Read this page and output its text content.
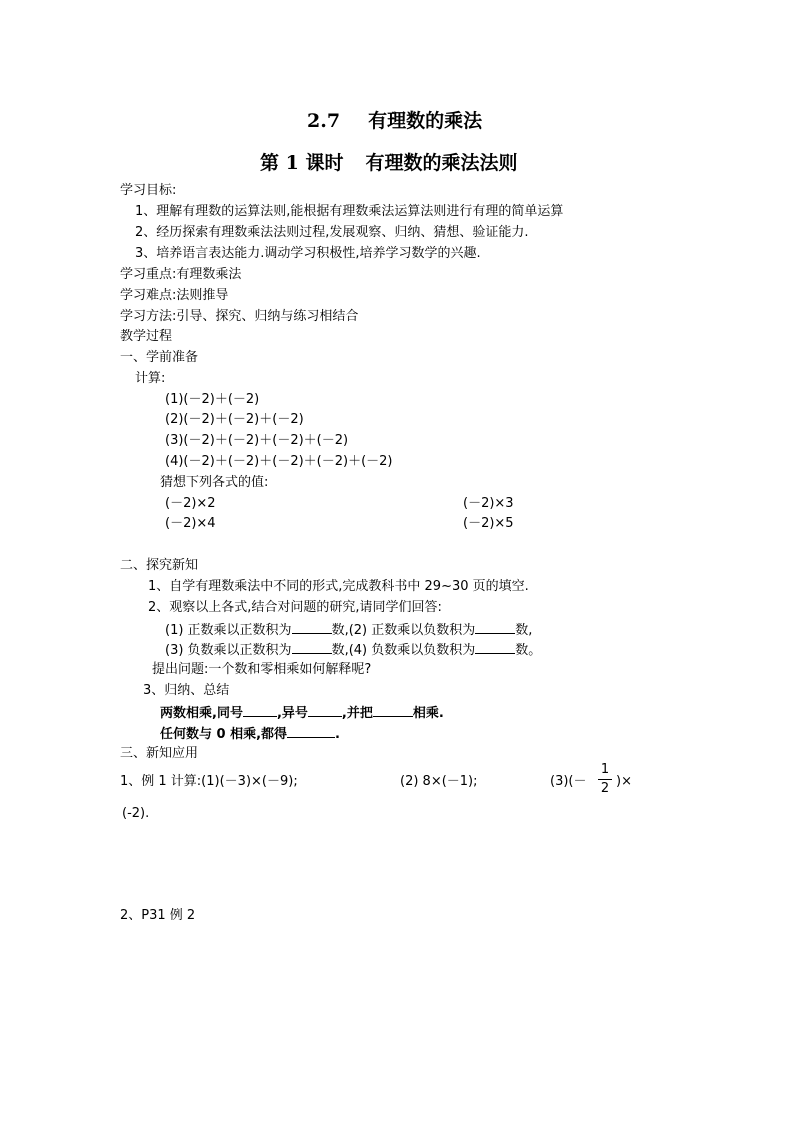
2.7 有理数的乘法
第 1 课时 有理数的乘法法则
学习目标:
1、理解有理数的运算法则,能根据有理数乘法运算法则进行有理的简单运算
2、经历探索有理数乘法法则过程,发展观察、归纳、猜想、验证能力.
3、培养语言表达能力.调动学习积极性,培养学习数学的兴趣.
学习重点:有理数乘法
学习难点:法则推导
学习方法:引导、探究、归纳与练习相结合
教学过程
一、学前准备
计算:
(1)(－2)＋(－2)
(2)(－2)＋(－2)＋(－2)
(3)(－2)＋(－2)＋(－2)＋(－2)
(4)(－2)＋(－2)＋(－2)＋(－2)＋(－2)
猜想下列各式的值:
(－2)×2	(－2)×3
(－2)×4	(－2)×5
二、探究新知
1、自学有理数乘法中不同的形式,完成教科书中 29~30 页的填空.
2、观察以上各式,结合对问题的研究,请同学们回答:
(1) 正数乘以正数积为	数,(2) 正数乘以负数积为	数,
(3) 负数乘以正数积为	数,(4) 负数乘以负数积为	数。
提出问题:一个数和零相乘如何解释呢?
3、归纳、总结
两数相乘,同号	,异号	,并把	相乘.
任何数与 0 相乘,都得	.
三、新知应用
1、例 1 计算:(1)(－3)×(－9);	(2) 8×(－1);	(3)(－
1
2 )×
(-2).
2、P31 例 2
